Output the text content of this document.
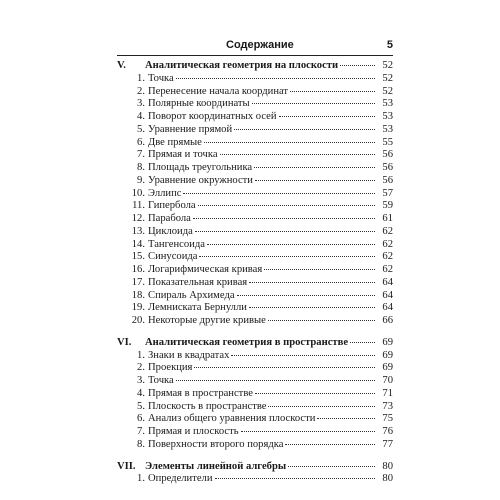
Содержание	5
V.	Аналитическая геометрия на плоскости	52
1. Точка	52
2. Перенесение начала координат	52
3. Полярные координаты	53
4. Поворот координатных осей	53
5. Уравнение прямой	53
6. Две прямые	55
7. Прямая и точка	56
8. Площадь треугольника	56
9. Уравнение окружности	56
10. Эллипс	57
11. Гипербола	59
12. Парабола	61
13. Циклоида	62
14. Тангенсоида	62
15. Синусоида	62
16. Логарифмическая кривая	62
17. Показательная кривая	64
18. Спираль Архимеда	64
19. Лемниската Бернулли	64
20. Некоторые другие кривые	66
VI.	Аналитическая геометрия в пространстве	69
1. Знаки в квадратах	69
2. Проекция	69
3. Точка	70
4. Прямая в пространстве	71
5. Плоскость в пространстве	73
6. Анализ общего уравнения плоскости	75
7. Прямая и плоскость	76
8. Поверхности второго порядка	77
VII. Элементы линейной алгебры	80
1. Определители	80
